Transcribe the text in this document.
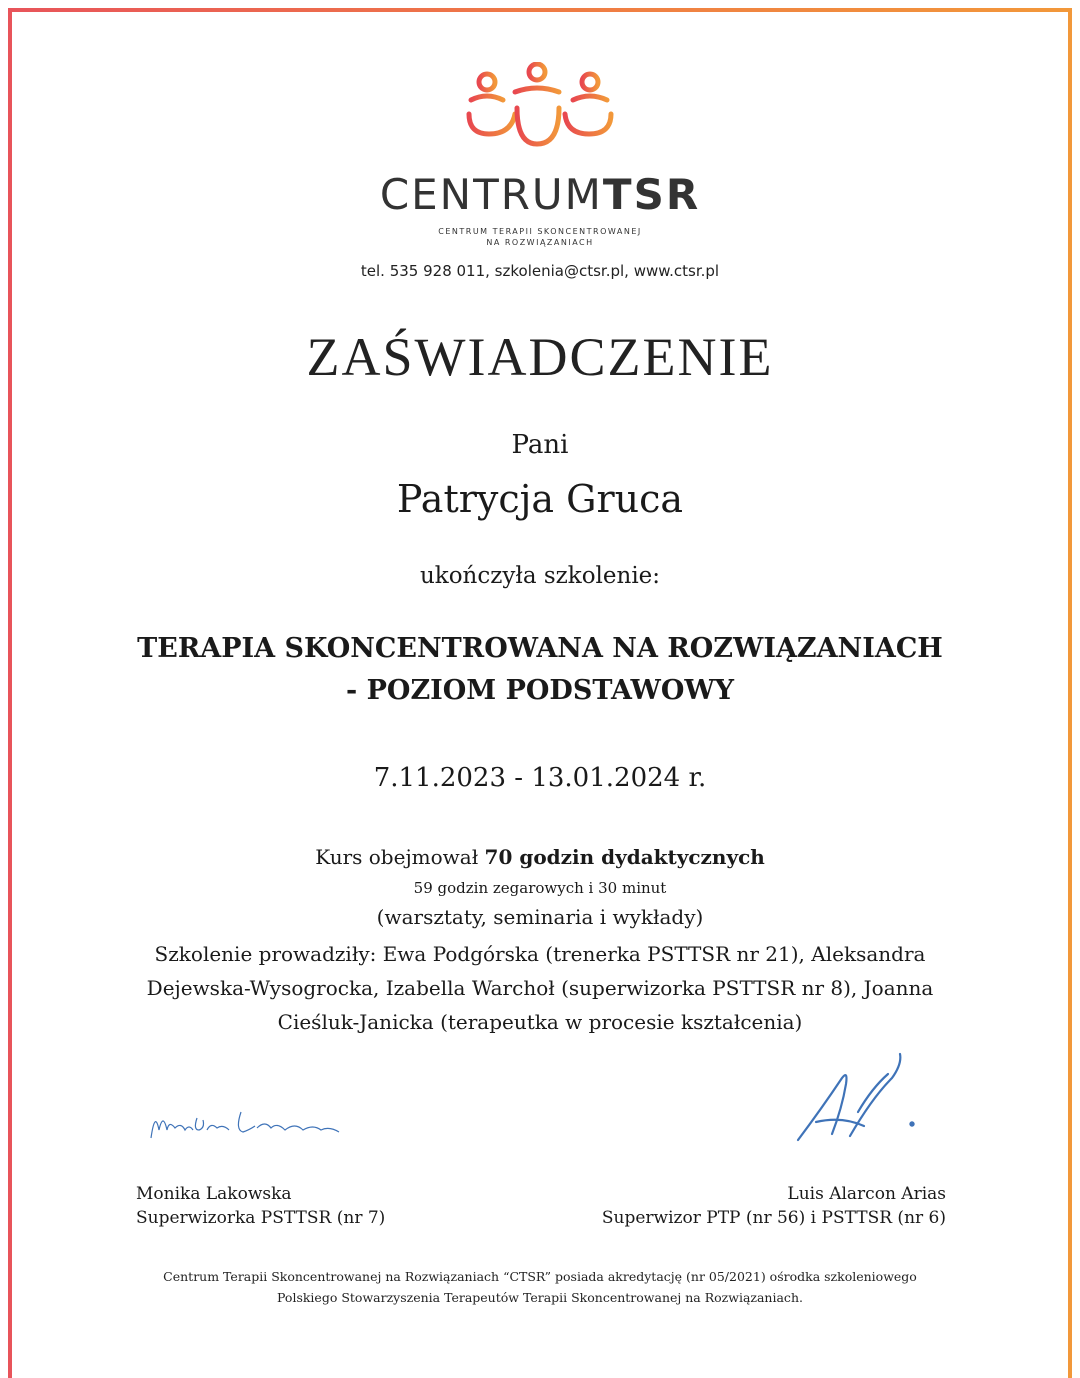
CENTRUMTSR
CENTRUM TERAPII SKONCENTROWANEJ
NA ROZWIĄZANIACH
tel. 535 928 011, szkolenia@ctsr.pl, www.ctsr.pl
ZAŚWIADCZENIE
Pani
Patrycja Gruca
ukończyła szkolenie:
TERAPIA SKONCENTROWANA NA ROZWIĄZANIACH
- POZIOM PODSTAWOWY
7.11.2023 - 13.01.2024 r.
Kurs obejmował 70 godzin dydaktycznych
59 godzin zegarowych i 30 minut
(warsztaty, seminaria i wykłady)
Szkolenie prowadziły: Ewa Podgórska (trenerka PSTTSR nr 21), Aleksandra Dejewska-Wysogrocka, Izabella Warchoł (superwizorka PSTTSR nr 8), Joanna Cieśluk-Janicka (terapeutka w procesie kształcenia)
Monika Lakowska
Superwizorka PSTTSR (nr 7)
Luis Alarcon Arias
Superwizor PTP (nr 56) i PSTTSR (nr 6)
Centrum Terapii Skoncentrowanej na Rozwiązaniach “CTSR” posiada akredytację (nr 05/2021) ośrodka szkoleniowego
Polskiego Stowarzyszenia Terapeutów Terapii Skoncentrowanej na Rozwiązaniach.
